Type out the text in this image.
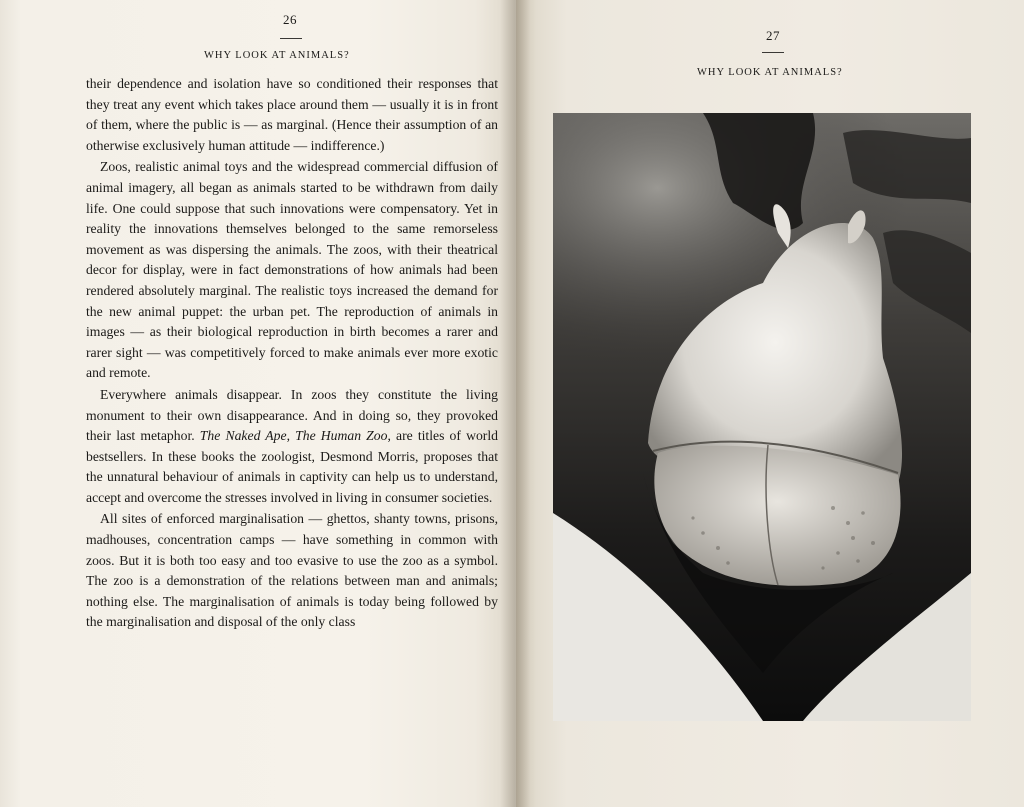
26
WHY LOOK AT ANIMALS?

their dependence and isolation have so conditioned their responses that they treat any event which takes place around them — usually it is in front of them, where the public is — as marginal. (Hence their assumption of an otherwise exclusively human attitude — indifference.)

Zoos, realistic animal toys and the widespread commercial diffusion of animal imagery, all began as animals started to be withdrawn from daily life. One could suppose that such innovations were compensatory. Yet in reality the innovations themselves belonged to the same remorseless movement as was dispersing the animals. The zoos, with their theatrical decor for display, were in fact demonstrations of how animals had been rendered absolutely marginal. The realistic toys increased the demand for the new animal puppet: the urban pet. The reproduction of animals in images — as their biological reproduction in birth becomes a rarer and rarer sight — was competitively forced to make animals ever more exotic and remote.

Everywhere animals disappear. In zoos they constitute the living monument to their own disappearance. And in doing so, they provoked their last metaphor. The Naked Ape, The Human Zoo, are titles of world bestsellers. In these books the zoologist, Desmond Morris, proposes that the unnatural behaviour of animals in captivity can help us to understand, accept and overcome the stresses involved in living in consumer societies.

All sites of enforced marginalisation — ghettos, shanty towns, prisons, madhouses, concentration camps — have something in common with zoos. But it is both too easy and too evasive to use the zoo as a symbol. The zoo is a demonstration of the relations between man and animals; nothing else. The marginalisation of animals is today being followed by the marginalisation and disposal of the only class

27
WHY LOOK AT ANIMALS?
